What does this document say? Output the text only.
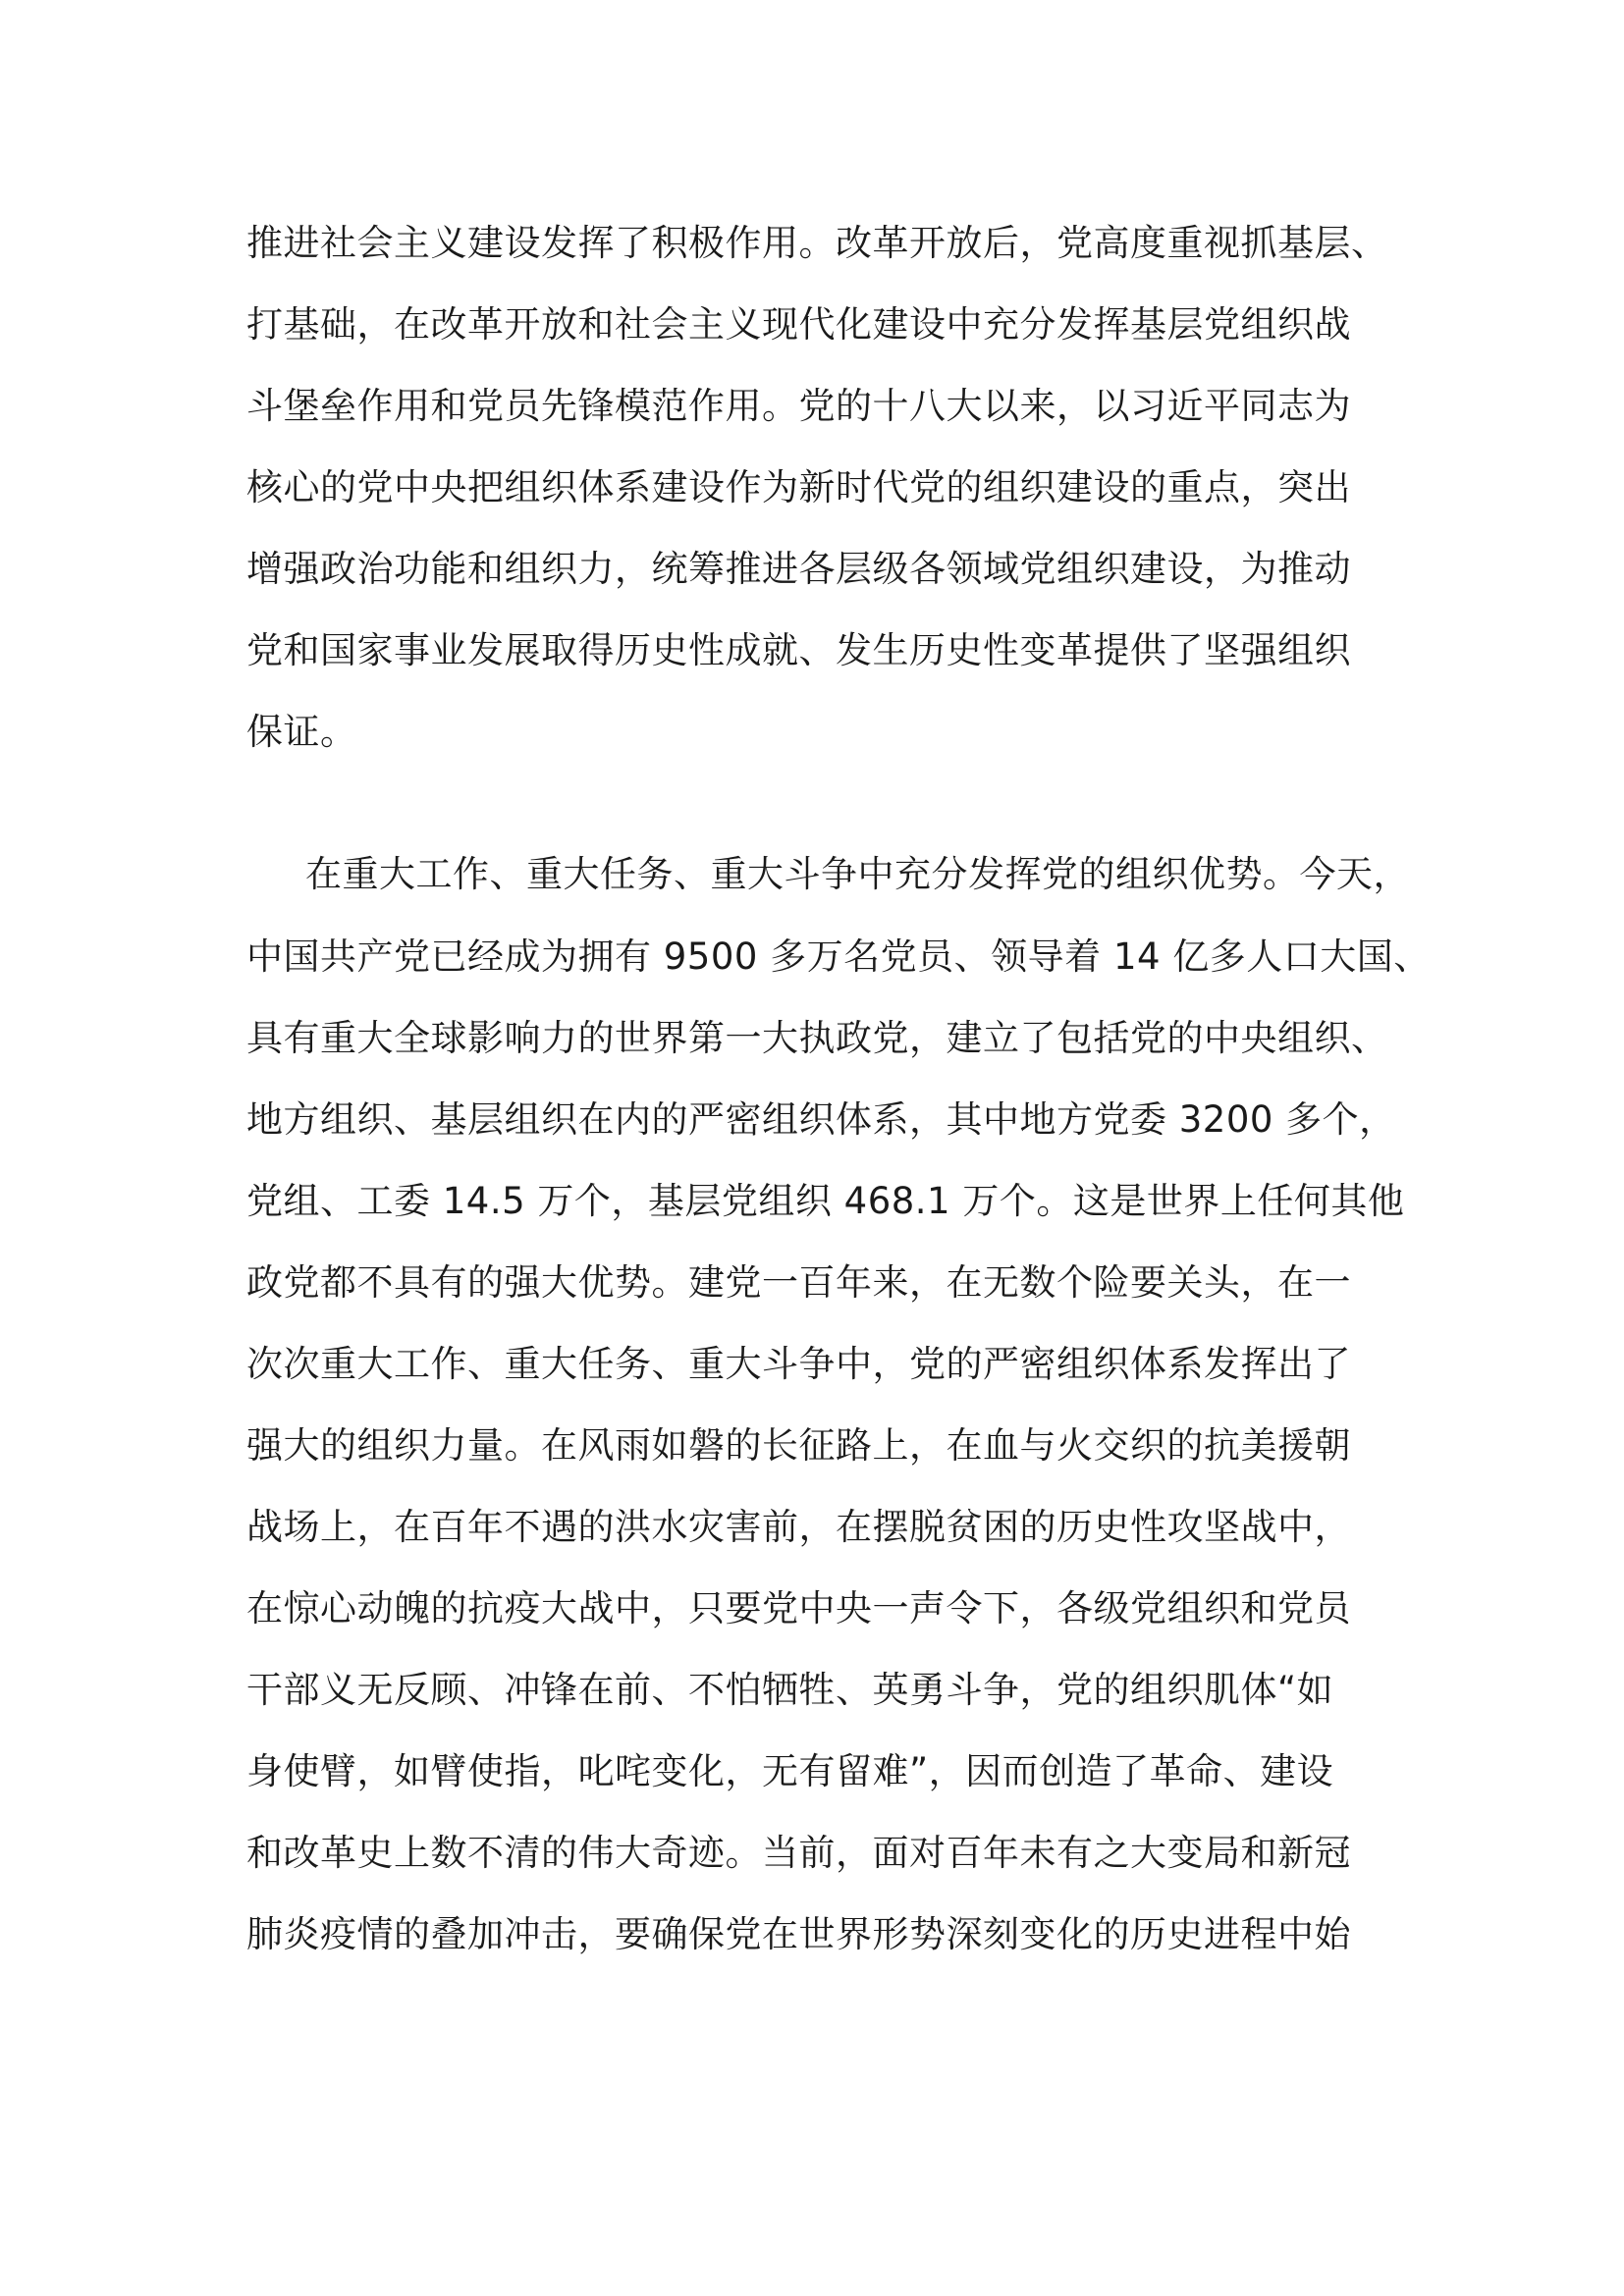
推进社会主义建设发挥了积极作用。改革开放后，党高度重视抓基层、

打基础，在改革开放和社会主义现代化建设中充分发挥基层党组织战

斗堡垒作用和党员先锋模范作用。党的十八大以来，以习近平同志为

核心的党中央把组织体系建设作为新时代党的组织建设的重点，突出

增强政治功能和组织力，统筹推进各层级各领域党组织建设，为推动

党和国家事业发展取得历史性成就、发生历史性变革提供了坚强组织

保证。

在重大工作、重大任务、重大斗争中充分发挥党的组织优势。今天，

中国共产党已经成为拥有 9500 多万名党员、领导着 14 亿多人口大国、

具有重大全球影响力的世界第一大执政党，建立了包括党的中央组织、

地方组织、基层组织在内的严密组织体系，其中地方党委 3200 多个，

党组、工委 14.5 万个，基层党组织 468.1 万个。这是世界上任何其他

政党都不具有的强大优势。建党一百年来，在无数个险要关头，在一

次次重大工作、重大任务、重大斗争中，党的严密组织体系发挥出了

强大的组织力量。在风雨如磐的长征路上，在血与火交织的抗美援朝

战场上，在百年不遇的洪水灾害前，在摆脱贫困的历史性攻坚战中，

在惊心动魄的抗疫大战中，只要党中央一声令下，各级党组织和党员

干部义无反顾、冲锋在前、不怕牺牲、英勇斗争，党的组织肌体“如

身使臂，如臂使指，叱咤变化，无有留难”，因而创造了革命、建设

和改革史上数不清的伟大奇迹。当前，面对百年未有之大变局和新冠

肺炎疫情的叠加冲击，要确保党在世界形势深刻变化的历史进程中始
